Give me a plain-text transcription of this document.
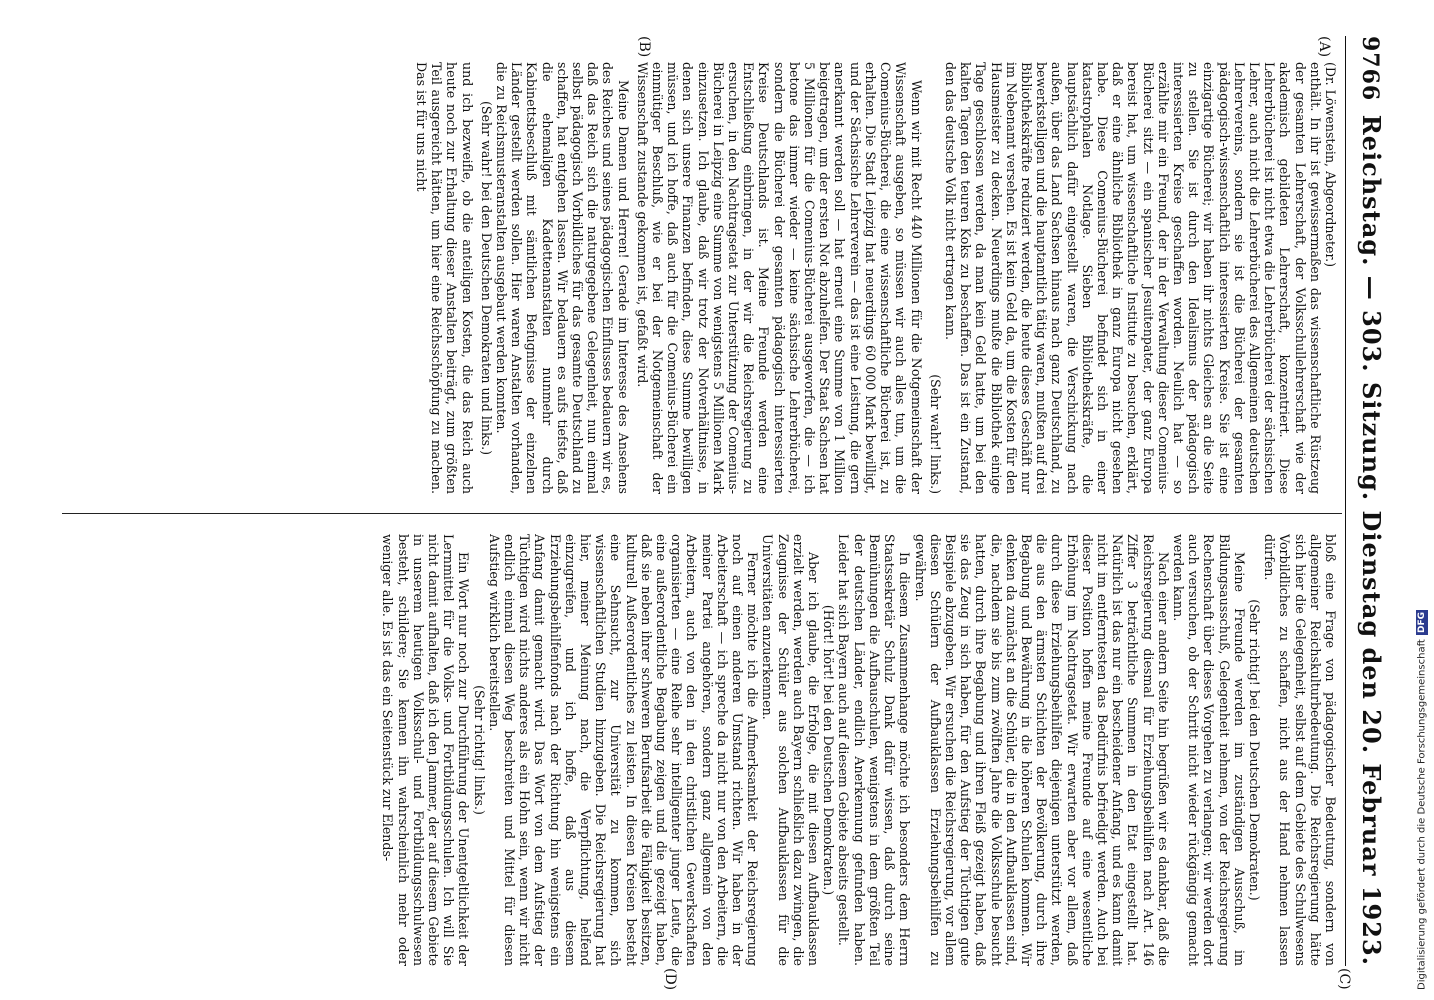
9766
Reichstag. — 303. Sitzung. Dienstag den 20. Februar 1923.
(A)
(B)
(C)
(D)

(Dr. Löwenstein, Abgeordneter.)

enthält. In ihr ist gewissermaßen das wissenschaftliche Rüstzeug der gesamten Lehrerschaft, der Volksschullehrerschaft wie der akademisch gebildeten Lehrerschaft, konzentriert. Diese Lehrerbücherei ist nicht etwa die Lehrerbücherei der sächsischen Lehrer, auch nicht die Lehrerbücherei des Allgemeinen deutschen Lehrervereins, sondern sie ist die Bücherei der gesamten pädagogisch-wissenschaftlich interessierten Kreise. Sie ist eine einzigartige Bücherei; wir haben ihr nichts Gleiches an die Seite zu stellen. Sie ist durch den Idealismus der pädagogisch interessierten Kreise geschaffen worden. Neulich hat — so erzählte mir ein Freund, der in der Verwaltung dieser Comenius-Bücherei sitzt — ein spanischer Jesuitenpater, der ganz Europa bereist hat, um wissenschaftliche Institute zu besuchen, erklärt, daß er eine ähnliche Bibliothek in ganz Europa nicht gesehen habe. Diese Comenius-Bücherei befindet sich in einer katastrophalen Notlage. Sieben Bibliothekskräfte, die hauptsächlich dafür eingestellt waren, die Verschickung nach außen, über das Land Sachsen hinaus nach ganz Deutschland, zu bewerkstelligen und die hauptamtlich tätig waren, mußten auf drei Bibliothekskräfte reduziert werden, die heute dieses Geschäft nur im Nebenamt versehen. Es ist kein Geld da, um die Kosten für den Hausmeister zu decken. Neuerdings mußte die Bibliothek einige Tage geschlossen werden, da man kein Geld hatte, um bei den kalten Tagen den teuren Koks zu beschaffen. Das ist ein Zustand, den das deutsche Volk nicht ertragen kann.

(Sehr wahr! links.)

Wenn wir mit Recht 440 Millionen für die Notgemeinschaft der Wissenschaft ausgeben, so müssen wir auch alles tun, um die Comenius-Bücherei, die eine wissenschaftliche Bücherei ist, zu erhalten. Die Stadt Leipzig hat neuerdings 60 000 Mark bewilligt, und der Sächsische Lehrerverein — das ist eine Leistung, die gern anerkannt werden soll — hat erneut eine Summe von 1 Million beigetragen, um der ersten Not abzuhelfen. Der Staat Sachsen hat 5 Millionen für die Comenius-Bücherei ausgeworfen, die — ich betone das immer wieder — keine sächsische Lehrerbücherei, sondern die Bücherei der gesamten pädagogisch interessierten Kreise Deutschlands ist. Meine Freunde werden eine Entschließung einbringen, in der wir die Reichsregierung zu ersuchen, in den Nachtragsetat zur Unterstützung der Comenius-Bücherei in Leipzig eine Summe von wenigstens 5 Millionen Mark einzusetzen. Ich glaube, daß wir trotz der Notverhältnisse, in denen sich unsere Finanzen befinden, diese Summe bewilligen müssen, und ich hoffe, daß auch für die Comenius-Bücherei ein einmütiger Beschluß, wie er bei der Notgemeinschaft der Wissenschaft zustande gekommen ist, gefaßt wird.

Meine Damen und Herren! Gerade im Interesse des Ansehens des Reiches und seines pädagogischen Einflusses bedauern wir es, daß das Reich sich die naturgegebene Gelegenheit, nun einmal selbst pädagogisch Vorbildliches für das gesamte Deutschland zu schaffen, hat entgehen lassen. Wir bedauern es aufs tiefste, daß die ehemaligen Kadettenanstalten nunmehr durch Kabinettsbeschluß mit sämtlichen Befugnisse der einzelnen Länder gestellt werden sollen. Hier waren Anstalten vorhanden, die zu Reichsmusteranstalten ausgebaut werden konnten.

(Sehr wahr! bei den Deutschen Demokraten und links.)

und ich bezweifle, ob die anteiligen Kosten, die das Reich auch heute noch zur Erhaltung dieser Anstalten beiträgt, zum größten Teil ausgereicht hätten, um hier eine Reichsschöpfung zu machen. Das ist für uns nicht

bloß eine Frage von pädagogischer Bedeutung, sondern von allgemeiner Reichskulturbedeutung. Die Reichsregierung hätte sich hier die Gelegenheit, selbst auf dem Gebiete des Schulwesens Vorbildliches zu schaffen, nicht aus der Hand nehmen lassen dürfen.

(Sehr richtig! bei den Deutschen Demokraten.)

Meine Freunde werden im zuständigen Ausschuß, im Bildungsausschuß, Gelegenheit nehmen, von der Reichsregierung Rechenschaft über dieses Vorgehen zu verlangen; wir werden dort auch versuchen, ob der Schritt nicht wieder rückgängig gemacht werden kann.

Nach einer andern Seite hin begrüßen wir es dankbar, daß die Reichsregierung diesmal für Erziehungsbeihilfen nach Art. 146 Ziffer 3 beträchtliche Summen in den Etat eingestellt hat. Natürlich ist das nur ein bescheidener Anfang, und es kann damit nicht im entferntesten das Bedürfnis befriedigt werden. Auch bei dieser Position hoffen meine Freunde auf eine wesentliche Erhöhung im Nachtragsetat. Wir erwarten aber vor allem, daß durch diese Erziehungsbeihilfen diejenigen unterstützt werden, die aus den ärmsten Schichten der Bevölkerung, durch ihre Begabung und Bewährung in die höheren Schulen kommen. Wir denken da zunächst an die Schüler, die in den Aufbauklassen sind, die, nachdem sie bis zum zwölften Jahre die Volksschule besucht hatten, durch ihre Begabung und ihren Fleiß gezeigt haben, daß sie das Zeug in sich haben, für den Aufstieg der Tüchtigen gute Beispiele abzugeben. Wir ersuchen die Reichsregierung, vor allem diesen Schülern der Aufbauklassen Erziehungsbeihilfen zu gewähren.

In diesem Zusammenhange möchte ich besonders dem Herrn Staatssekretär Schulz Dank dafür wissen, daß durch seine Bemühungen die Aufbauschulen, wenigstens in dem größten Teil der deutschen Länder, endlich Anerkennung gefunden haben. Leider hat sich Bayern auch auf diesem Gebiete abseits gestellt.

(Hört! hört! bei den Deutschen Demokraten.)

Aber ich glaube, die Erfolge, die mit diesen Aufbauklassen erzielt werden, werden auch Bayern schließlich dazu zwingen, die Zeugnisse der Schüler aus solchen Aufbauklassen für die Universitäten anzuerkennen.

Ferner möchte ich die Aufmerksamkeit der Reichsregierung noch auf einen anderen Umstand richten. Wir haben in der Arbeiterschaft — ich spreche da nicht nur von den Arbeitern, die meiner Partei angehören, sondern ganz allgemein von den Arbeitern, auch von den in den christlichen Gewerkschaften organisierten — eine Reihe sehr intelligenter junger Leute, die eine außerordentliche Begabung zeigen und die gezeigt haben, daß sie neben ihrer schweren Berufsarbeit die Fähigkeit besitzen, kulturell Außerordentliches zu leisten. In diesen Kreisen besteht eine Sehnsucht, zur Universität zu kommen, sich wissenschaftlichen Studien hinzugeben. Die Reichsregierung hat hier, meiner Meinung nach, die Verpflichtung, helfend einzugreifen, und ich hoffe, daß aus diesem Erziehungsbeihilfenfonds nach der Richtung hin wenigstens ein Anfang damit gemacht wird. Das Wort von dem Aufstieg der Tüchtigen wird nichts anderes als ein Hohn sein, wenn wir nicht endlich einmal diesen Weg beschreiten und Mittel für diesen Aufstieg wirklich bereitstellen.

(Sehr richtig! links.)

Ein Wort nur noch zur Durchführung der Unentgeltlichkeit der Lernmittel für die Volks- und Fortbildungsschulen. Ich will Sie nicht damit aufhalten, daß ich den Jammer, der auf diesem Gebiete in unserem heutigen Volksschul- und Fortbildungsschulwesen besteht, schildere; Sie kennen ihn wahrscheinlich mehr oder weniger alle. Es ist das ein Seitenstück zur Elends-	Digitalisierung gefördert durch die Deutsche Forschungsgemeinschaft
DFG
